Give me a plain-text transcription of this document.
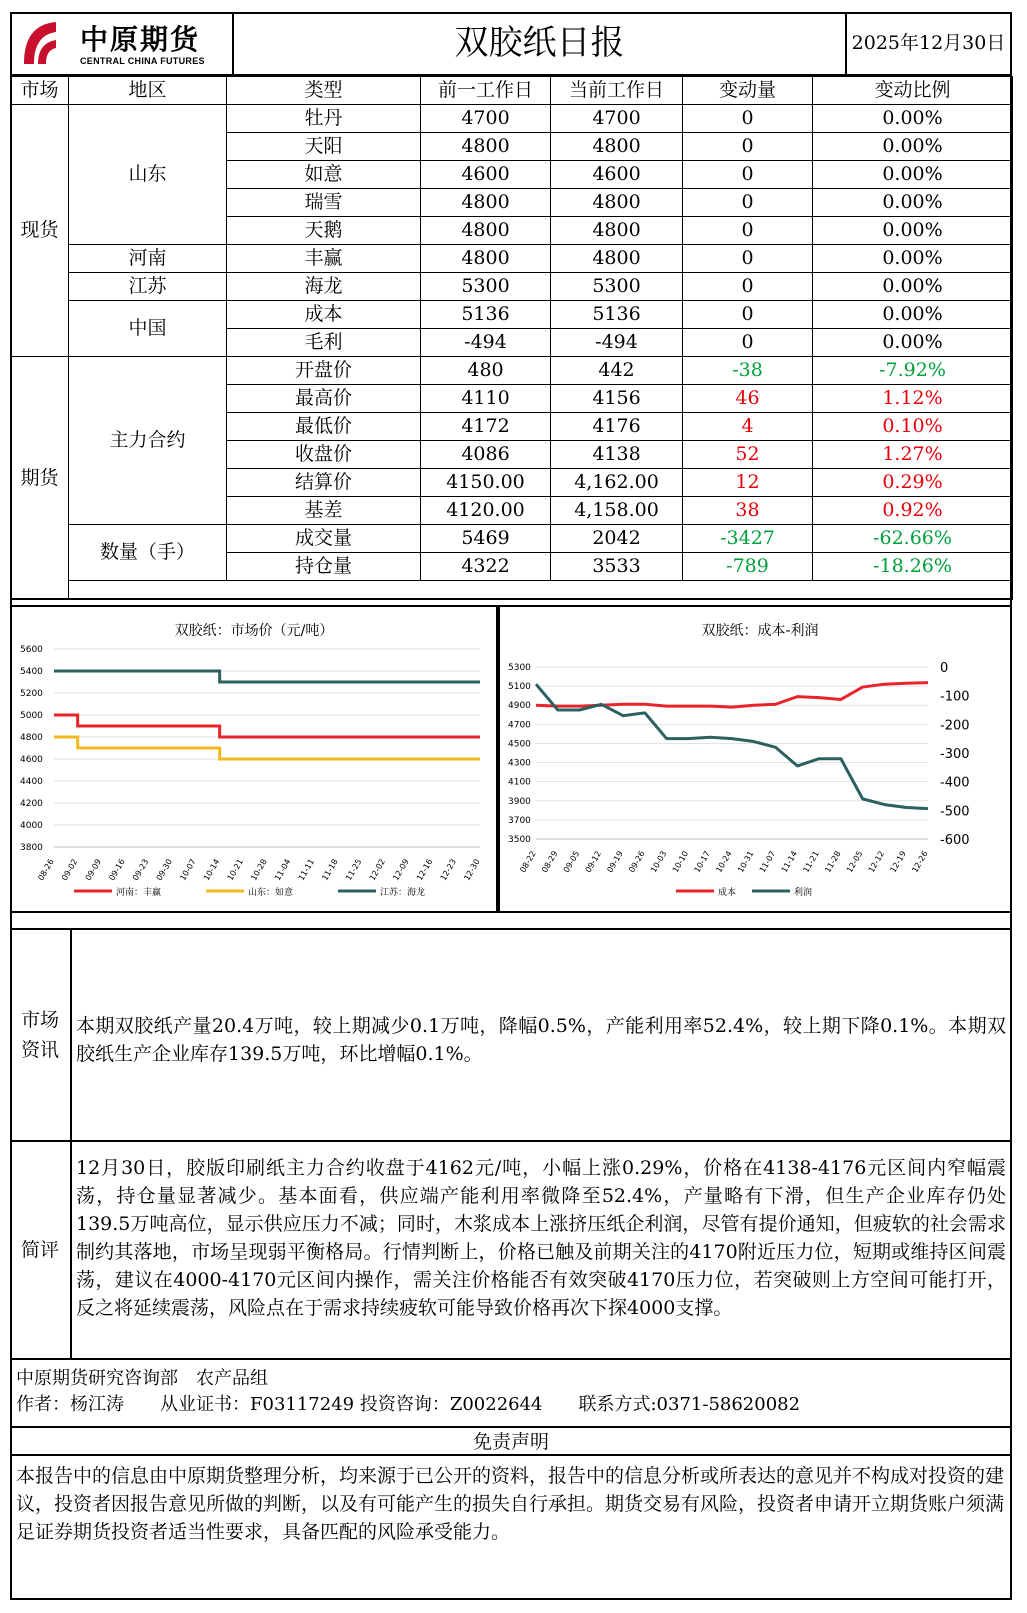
中原期货
CENTRAL CHINA FUTURES	双胶纸日报	2025年12月30日
市场	地区	类型	前一工作日	当前工作日	变动量	变动比例
现货	山东	牡丹	4700	4700	0	0.00%
		天阳	4800	4800	0	0.00%
		如意	4600	4600	0	0.00%
		瑞雪	4800	4800	0	0.00%
		天鹅	4800	4800	0	0.00%
	河南	丰赢	4800	4800	0	0.00%
	江苏	海龙	5300	5300	0	0.00%
	中国	成本	5136	5136	0	0.00%
		毛利	-494	-494	0	0.00%
期货	主力合约	开盘价	480	442	-38	-7.92%
		最高价	4110	4156	46	1.12%
		最低价	4172	4176	4	0.10%
		收盘价	4086	4138	52	1.27%
		结算价	4150.00	4,162.00	12	0.29%
		基差	4120.00	4,158.00	38	0.92%
	数量（手）	成交量	5469	2042	-3427	-62.66%
		持仓量	4322	3533	-789	-18.26%

双胶纸：市场价（元/吨）
3800
4000
4200
4400
4600
4800
5000
5200
5400
5600
08-26 09-02 09-09 09-16 09-23 09-30 10-07 10-14 10-21 10-28 11-04 11-11 11-18 11-25 12-02 12-09 12-16 12-23 12-30
河南：丰赢	山东：如意	江苏：海龙
双胶纸：成本-利润
3500
3700
3900
4100
4300
4500
4700
4900
5100
5300	0
-100
-200
-300
-400
-500
-600
08-22 08-29 09-05 09-12 09-19 09-26 10-03 10-10 10-17 10-24 10-31 11-07 11-14 11-21 11-28 12-05 12-12 12-19 12-26
成本	利润
市场资讯
本期双胶纸产量20.4万吨，较上期减少0.1万吨，降幅0.5%，产能利用率52.4%，较上期下降0.1%。本期双胶纸生产企业库存139.5万吨，环比增幅0.1%。
简评
12月30日，胶版印刷纸主力合约收盘于4162元/吨，小幅上涨0.29%，价格在4138-4176元区间内窄幅震荡，持仓量显著减少。基本面看，供应端产能利用率微降至52.4%，产量略有下滑，但生产企业库存仍处139.5万吨高位，显示供应压力不减；同时，木浆成本上涨挤压纸企利润，尽管有提价通知，但疲软的社会需求制约其落地，市场呈现弱平衡格局。行情判断上，价格已触及前期关注的4170附近压力位，短期或维持区间震荡，建议在4000-4170元区间内操作，需关注价格能否有效突破4170压力位，若突破则上方空间可能打开，反之将延续震荡，风险点在于需求持续疲软可能导致价格再次下探4000支撑。
中原期货研究咨询部　农产品组
作者：杨江涛　　从业证书：F03117249 投资咨询：Z0022644　　联系方式:0371-58620082
免责声明
本报告中的信息由中原期货整理分析，均来源于已公开的资料，报告中的信息分析或所表达的意见并不构成对投资的建议，投资者因报告意见所做的判断，以及有可能产生的损失自行承担。期货交易有风险，投资者申请开立期货账户须满足证券期货投资者适当性要求，具备匹配的风险承受能力。
